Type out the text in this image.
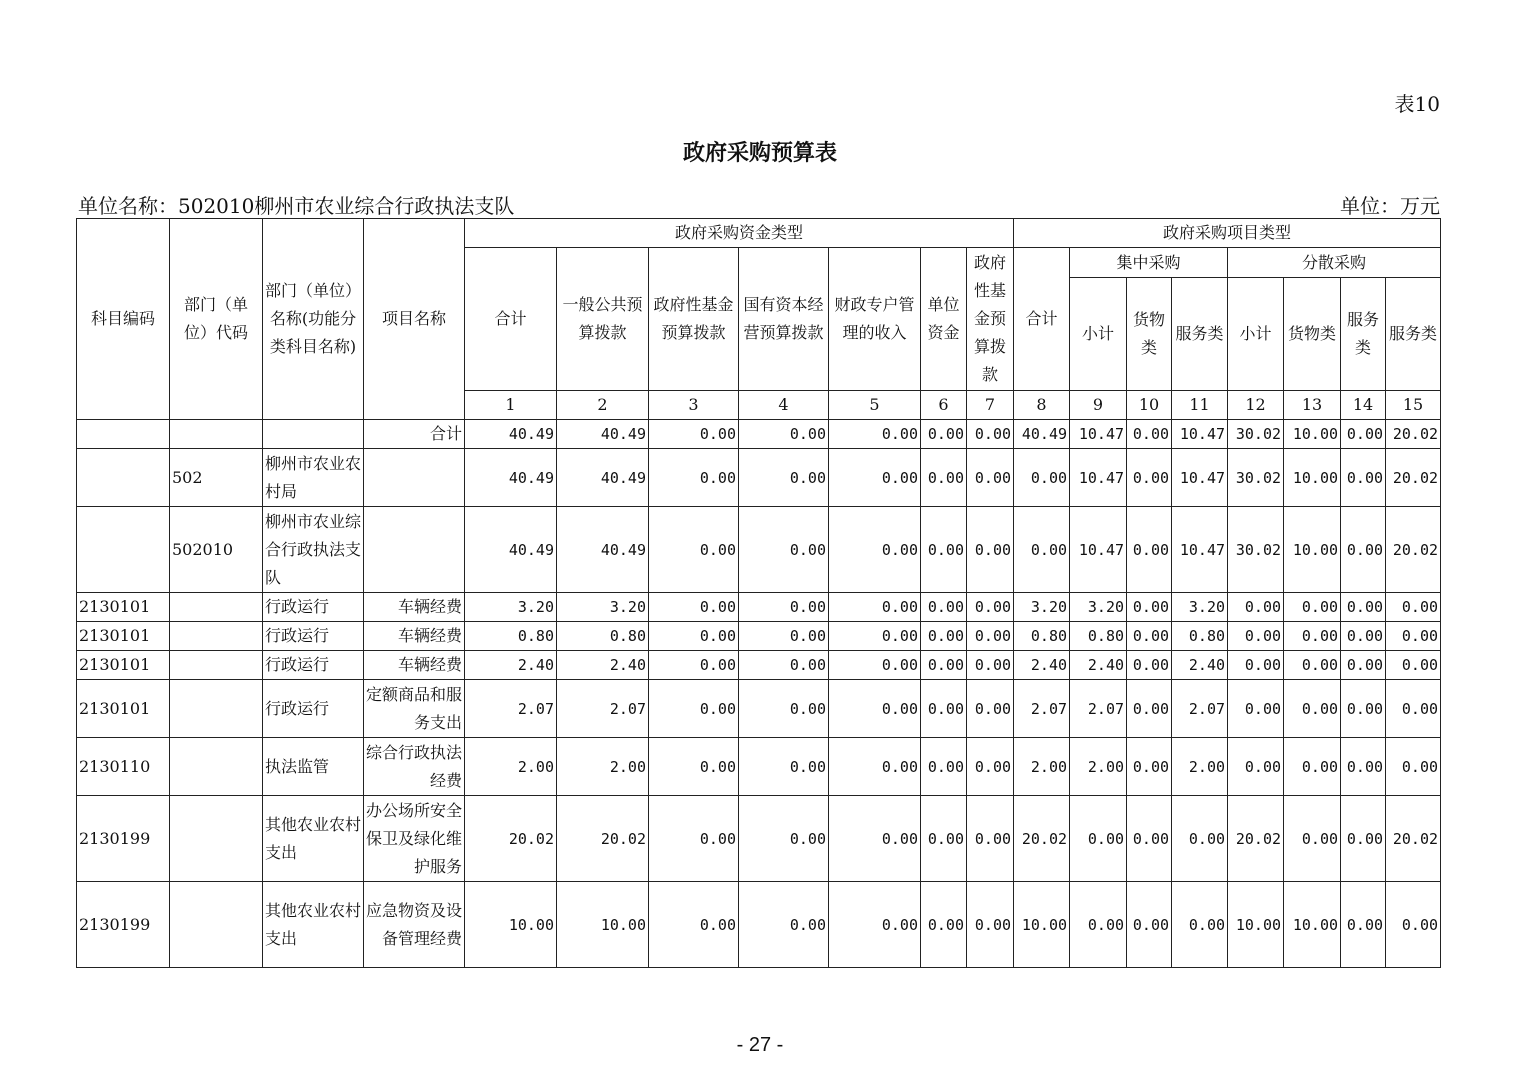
表10
政府采购预算表
单位名称：502010柳州市农业综合行政执法支队	单位：万元
科目编码	部门（单位）代码	部门（单位）名称(功能分类科目名称)	项目名称	政府采购资金类型							政府采购项目类型							
				合计	一般公共预算拨款	政府性基金预算拨款	国有资本经营预算拨款	财政专户管理的收入	单位资金	政府性基金预算拨款	合计	集中采购			分散采购			
												小计	货物类	服务类	小计	货物类	服务类	服务类
				1	2	3	4	5	6	7	8	9	10	11	12	13	14	15
			合计	40.49	40.49	0.00	0.00	0.00	0.00	0.00	40.49	10.47	0.00	10.47	30.02	10.00	0.00	20.02
	502	柳州市农业农村局		40.49	40.49	0.00	0.00	0.00	0.00	0.00	0.00	10.47	0.00	10.47	30.02	10.00	0.00	20.02
	502010	柳州市农业综合行政执法支队		40.49	40.49	0.00	0.00	0.00	0.00	0.00	0.00	10.47	0.00	10.47	30.02	10.00	0.00	20.02
2130101		行政运行	车辆经费	3.20	3.20	0.00	0.00	0.00	0.00	0.00	3.20	3.20	0.00	3.20	0.00	0.00	0.00	0.00
2130101		行政运行	车辆经费	0.80	0.80	0.00	0.00	0.00	0.00	0.00	0.80	0.80	0.00	0.80	0.00	0.00	0.00	0.00
2130101		行政运行	车辆经费	2.40	2.40	0.00	0.00	0.00	0.00	0.00	2.40	2.40	0.00	2.40	0.00	0.00	0.00	0.00
2130101		行政运行	定额商品和服务支出	2.07	2.07	0.00	0.00	0.00	0.00	0.00	2.07	2.07	0.00	2.07	0.00	0.00	0.00	0.00
2130110		执法监管	综合行政执法经费	2.00	2.00	0.00	0.00	0.00	0.00	0.00	2.00	2.00	0.00	2.00	0.00	0.00	0.00	0.00
2130199		其他农业农村支出	办公场所安全保卫及绿化维护服务	20.02	20.02	0.00	0.00	0.00	0.00	0.00	20.02	0.00	0.00	0.00	20.02	0.00	0.00	20.02
2130199		其他农业农村支出	应急物资及设备管理经费	10.00	10.00	0.00	0.00	0.00	0.00	0.00	10.00	0.00	0.00	0.00	10.00	10.00	0.00	0.00
- 27 -
